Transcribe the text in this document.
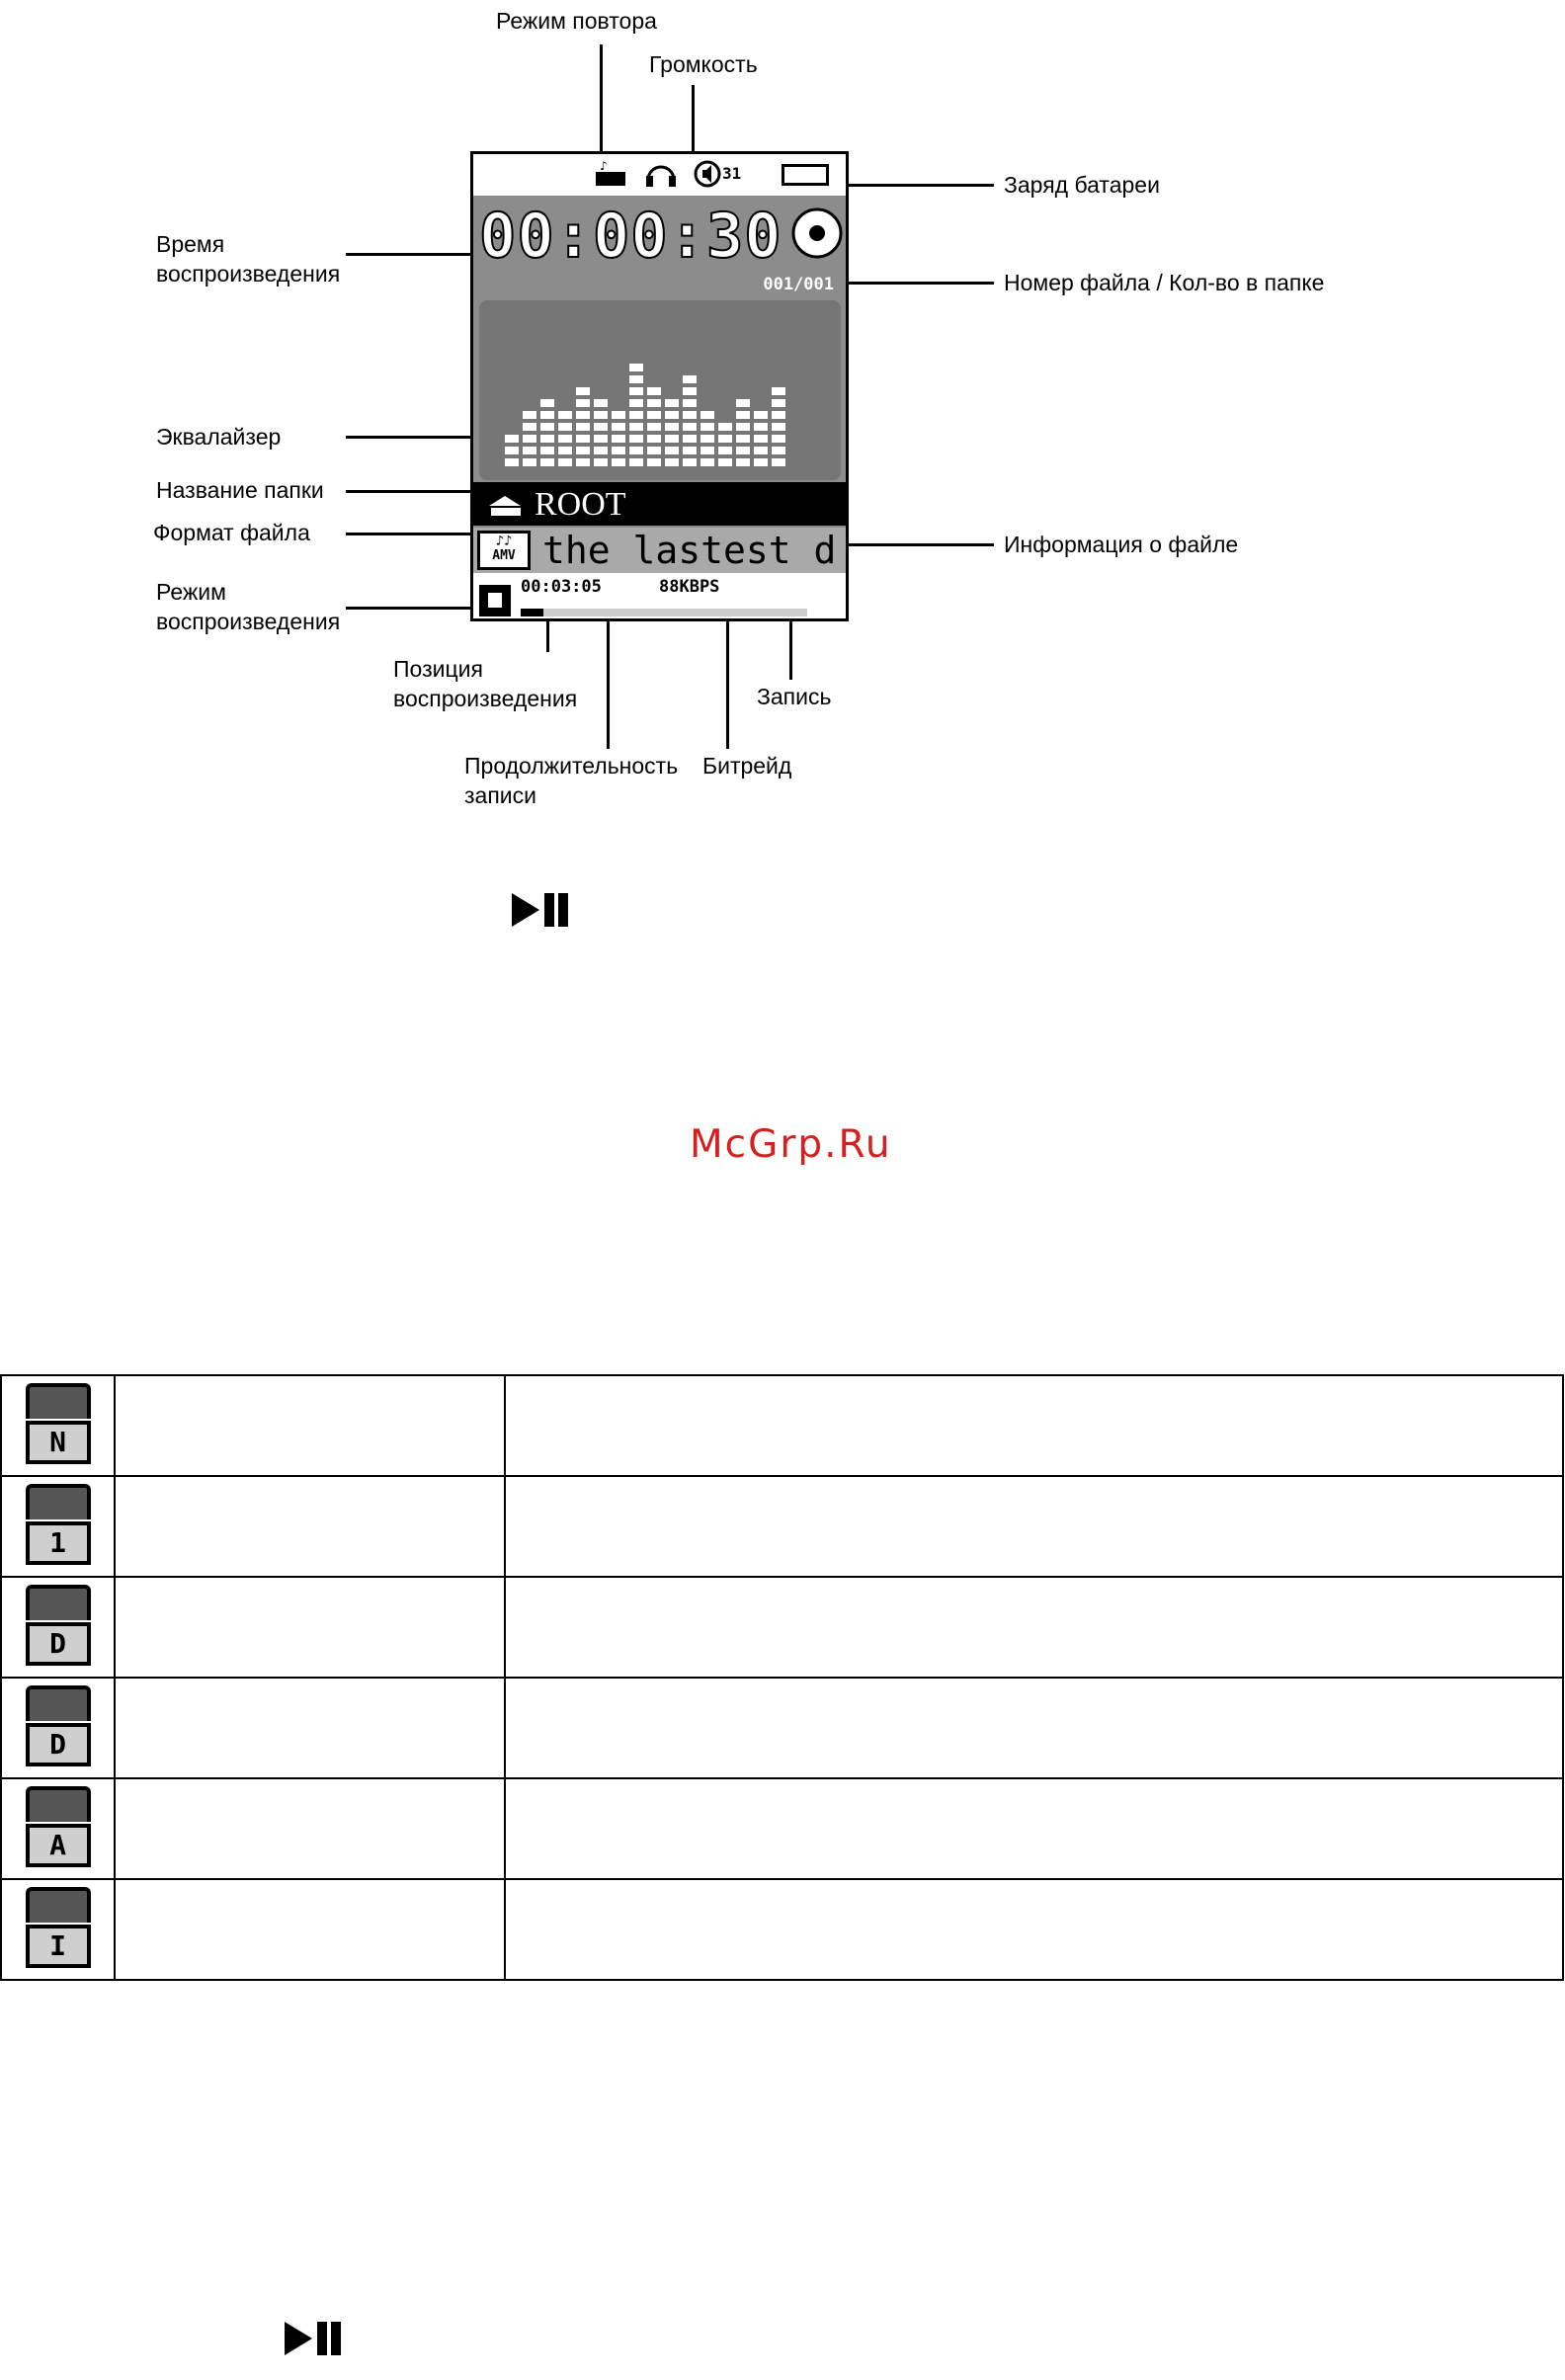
Режим повтора
Громкость
Заряд батареи
Время
воспроизведения	Номер файла / Кол-во в папке
Эквалайзер
Название папки
Формат файла	Информация о файле
Режим
воспроизведения
Позиция
воспроизведения	Запись
Продолжительность
записи
Битрейд
♪	31
00:00:30
001/001
ROOT
the lastest d
♪♪
AMV
00:03:05	88KBPS
McGrp.Ru
N		

1		

D		

D		

A		

I		
